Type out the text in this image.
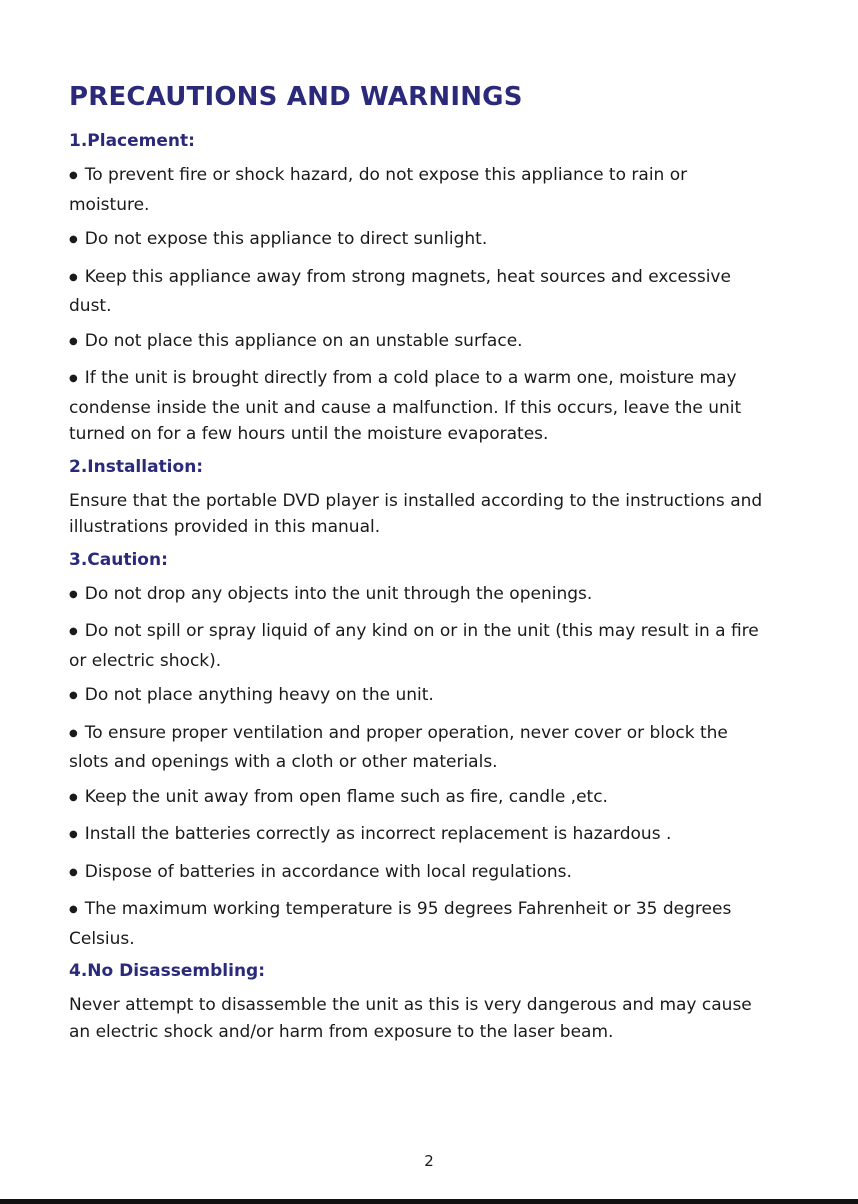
PRECAUTIONS AND WARNINGS
1.Placement:

● To prevent fire or shock hazard, do not expose this appliance to rain or moisture.

● Do not expose this appliance to direct sunlight.

● Keep this appliance away from strong magnets, heat sources and excessive dust.

● Do not place this appliance on an unstable surface.

● If the unit is brought directly from a cold place to a warm one, moisture may condense inside the unit and cause a malfunction. If this occurs, leave the unit turned on for a few hours until the moisture evaporates.

2.Installation:

Ensure that the portable DVD player is installed according to the instructions and illustrations provided in this manual.

3.Caution:

● Do not drop any objects into the unit through the openings.

● Do not spill or spray liquid of any kind on or in the unit (this may result in a fire or electric shock).

● Do not place anything heavy on the unit.

● To ensure proper ventilation and proper operation, never cover or block the slots and openings with a cloth or other materials.

● Keep the unit away from open flame such as fire, candle ,etc.

● Install the batteries correctly as incorrect replacement is hazardous .

● Dispose of batteries in accordance with local regulations.

● The maximum working temperature is 95 degrees Fahrenheit or 35 degrees Celsius.

4.No Disassembling:

Never attempt to disassemble the unit as this is very dangerous and may cause an electric shock and/or harm from exposure to the laser beam.

2
